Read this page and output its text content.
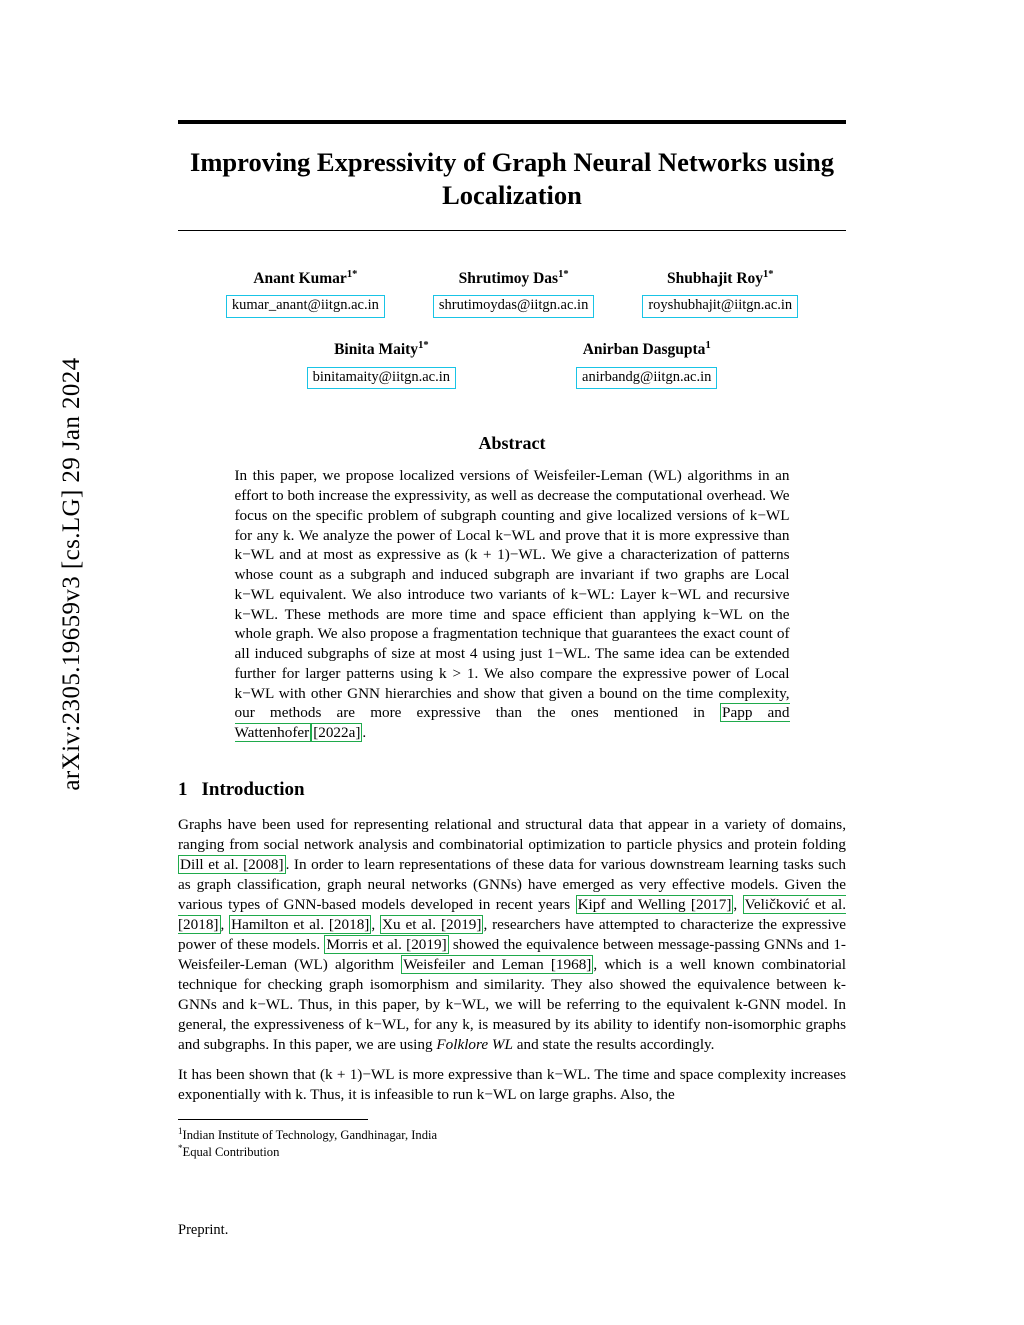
arXiv:2305.19659v3 [cs.LG] 29 Jan 2024
Improving Expressivity of Graph Neural Networks using Localization
Anant Kumar$^{1*}$
kumar_anant@iitgn.ac.in
Shrutimoy Das$^{1*}$
shrutimoydas@iitgn.ac.in
Shubhajit Roy$^{1*}$
royshubhajit@iitgn.ac.in
Binita Maity$^{1*}$
binitamaity@iitgn.ac.in
Anirban Dasgupta$^1$
anirbandg@iitgn.ac.in
Abstract
In this paper, we propose localized versions of Weisfeiler-Leman (WL) algorithms in an effort to both increase the expressivity, as well as decrease the computational overhead. We focus on the specific problem of subgraph counting and give localized versions of k−WL for any k. We analyze the power of Local k−WL and prove that it is more expressive than k−WL and at most as expressive as (k + 1)−WL. We give a characterization of patterns whose count as a subgraph and induced subgraph are invariant if two graphs are Local k−WL equivalent. We also introduce two variants of k−WL: Layer k−WL and recursive k−WL. These methods are more time and space efficient than applying k−WL on the whole graph. We also propose a fragmentation technique that guarantees the exact count of all induced subgraphs of size at most 4 using just 1−WL. The same idea can be extended further for larger patterns using k > 1. We also compare the expressive power of Local k−WL with other GNN hierarchies and show that given a bound on the time complexity, our methods are more expressive than the ones mentioned in Papp and Wattenhofer [2022a] .
1 Introduction

Graphs have been used for representing relational and structural data that appear in a variety of domains, ranging from social network analysis and combinatorial optimization to particle physics and protein folding Dill et al. [2008] . In order to learn representations of these data for various downstream learning tasks such as graph classification, graph neural networks (GNNs) have emerged as very effective models. Given the various types of GNN-based models developed in recent years Kipf and Welling [2017] , Veličković et al. [2018] , Hamilton et al. [2018] , Xu et al. [2019] , researchers have attempted to characterize the expressive power of these models. Morris et al. [2019] showed the equivalence between message-passing GNNs and 1-Weisfeiler-Leman (WL) algorithm Weisfeiler and Leman [1968] , which is a well known combinatorial technique for checking graph isomorphism and similarity. They also showed the equivalence between k-GNNs and k−WL. Thus, in this paper, by k−WL, we will be referring to the equivalent k-GNN model. In general, the expressiveness of k−WL, for any k, is measured by its ability to identify non-isomorphic graphs and subgraphs. In this paper, we are using Folklore WL and state the results accordingly.

It has been shown that (k + 1)−WL is more expressive than k−WL. The time and space complexity increases exponentially with k. Thus, it is infeasible to run k−WL on large graphs. Also, the

$^1$Indian Institute of Technology, Gandhinagar, India

*Equal Contribution

Preprint.
